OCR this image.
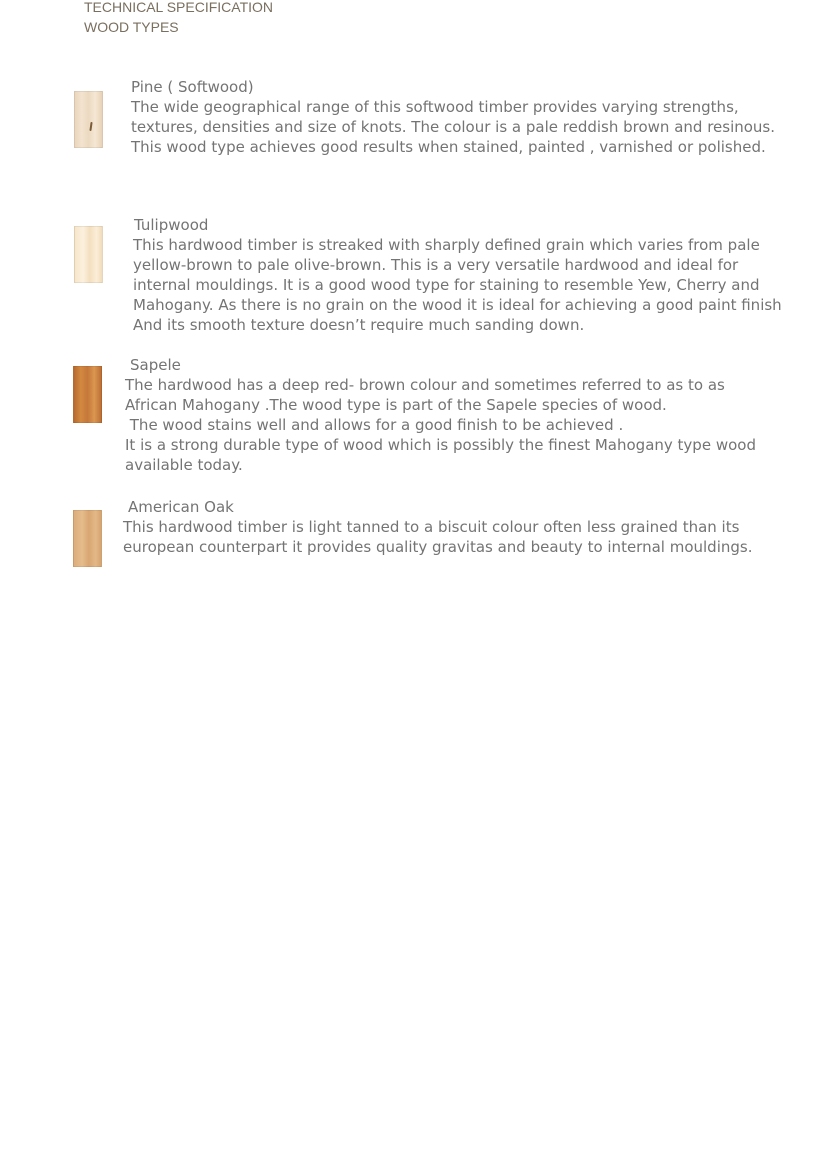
TECHNICAL SPECIFICATION
WOOD TYPES
Pine ( Softwood)
The wide geographical range of this softwood timber provides varying strengths,
textures, densities and size of knots. The colour is a pale reddish brown and resinous.
This wood type achieves good results when stained, painted , varnished or polished.
Tulipwood
This hardwood timber is streaked with sharply defined grain which varies from pale
yellow-brown to pale olive-brown. This is a very versatile hardwood and ideal for
internal mouldings. It is a good wood type for staining to resemble Yew, Cherry and
Mahogany. As there is no grain on the wood it is ideal for achieving a good paint finish
And its smooth texture doesn’t require much sanding down.
Sapele
The hardwood has a deep red- brown colour and sometimes referred to as to as
African Mahogany .The wood type is part of the Sapele species of wood.
The wood stains well and allows for a good finish to be achieved .
It is a strong durable type of wood which is possibly the finest Mahogany type wood
available today.
American Oak
This hardwood timber is light tanned to a biscuit colour often less grained than its
european counterpart it provides quality gravitas and beauty to internal mouldings.
